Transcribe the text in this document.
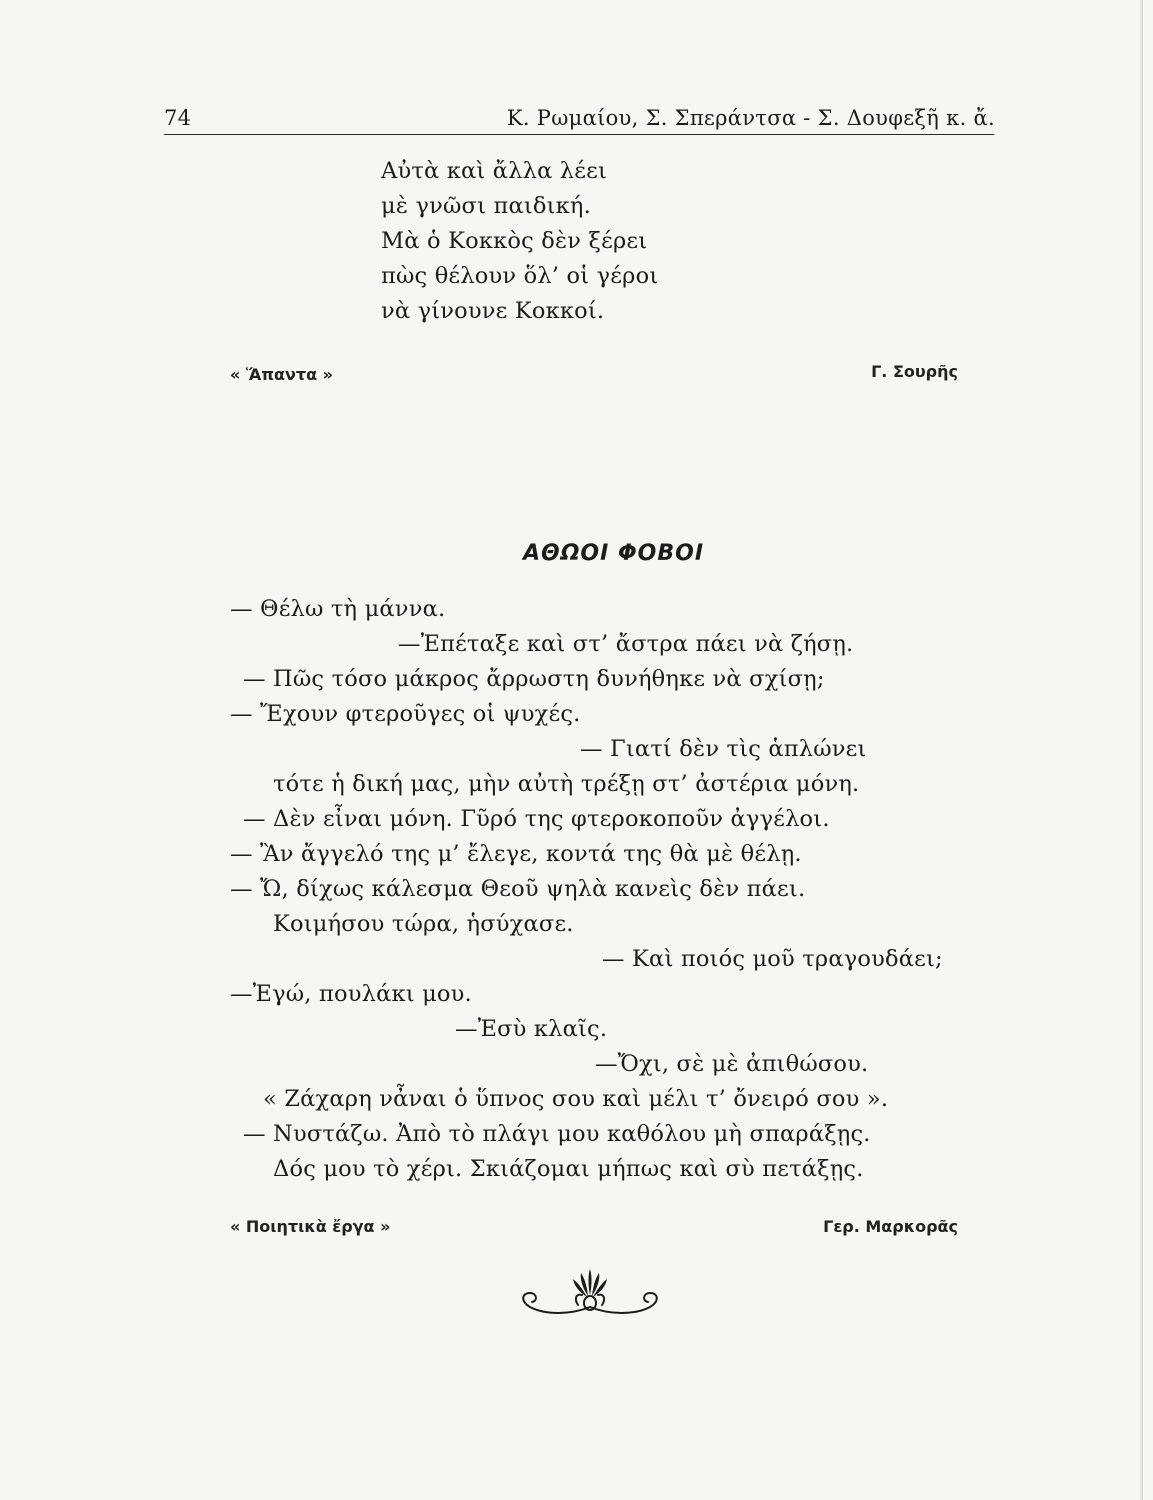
74	Κ. Ρωμαίου, Σ. Σπεράντσα - Σ. Δουφεξῆ κ. ἄ.
Αὐτὰ καὶ ἄλλα λέει
μὲ γνῶσι παιδική.
Μὰ ὁ Κοκκὸς δὲν ξέρει
πὼς θέλουν ὅλ’ οἱ γέροι
νὰ γίνουνε Κοκκοί.
« Ἅπαντα »	Γ. Σουρῆς
ΑΘΩΟΙ ΦΟΒΟΙ
— Θέλω τὴ μάννα.
—Ἐπέταξε καὶ στ’ ἄστρα πάει νὰ ζήσῃ.
— Πῶς τόσο μάκρος ἄρρωστη δυνήθηκε νὰ σχίσῃ;
— Ἔχουν φτεροῦγες οἱ ψυχές.
— Γιατί δὲν τὶς ἁπλώνει
τότε ἡ δική μας, μὴν αὐτὴ τρέξῃ στ’ ἀστέρια μόνη.
— Δὲν εἶναι μόνη. Γῦρό της φτεροκοποῦν ἀγγέλοι.
— Ἂν ἄγγελό της μ’ ἔλεγε, κοντά της θὰ μὲ θέλῃ.
— Ὤ, δίχως κάλεσμα Θεοῦ ψηλὰ κανεὶς δὲν πάει.
Κοιμήσου τώρα, ἡσύχασε.
— Καὶ ποιός μοῦ τραγουδάει;
—Ἐγώ, πουλάκι μου.
—Ἐσὺ κλαῖς.
—Ὄχι, σὲ μὲ ἀπιθώσου.
« Ζάχαρη νἆναι ὁ ὕπνος σου καὶ μέλι τ’ ὄνειρό σου ».
— Νυστάζω. Ἀπὸ τὸ πλάγι μου καθόλου μὴ σπαράξῃς.
Δός μου τὸ χέρι. Σκιάζομαι μήπως καὶ σὺ πετάξῃς.
« Ποιητικὰ ἔργα »	Γερ. Μαρκορᾶς
